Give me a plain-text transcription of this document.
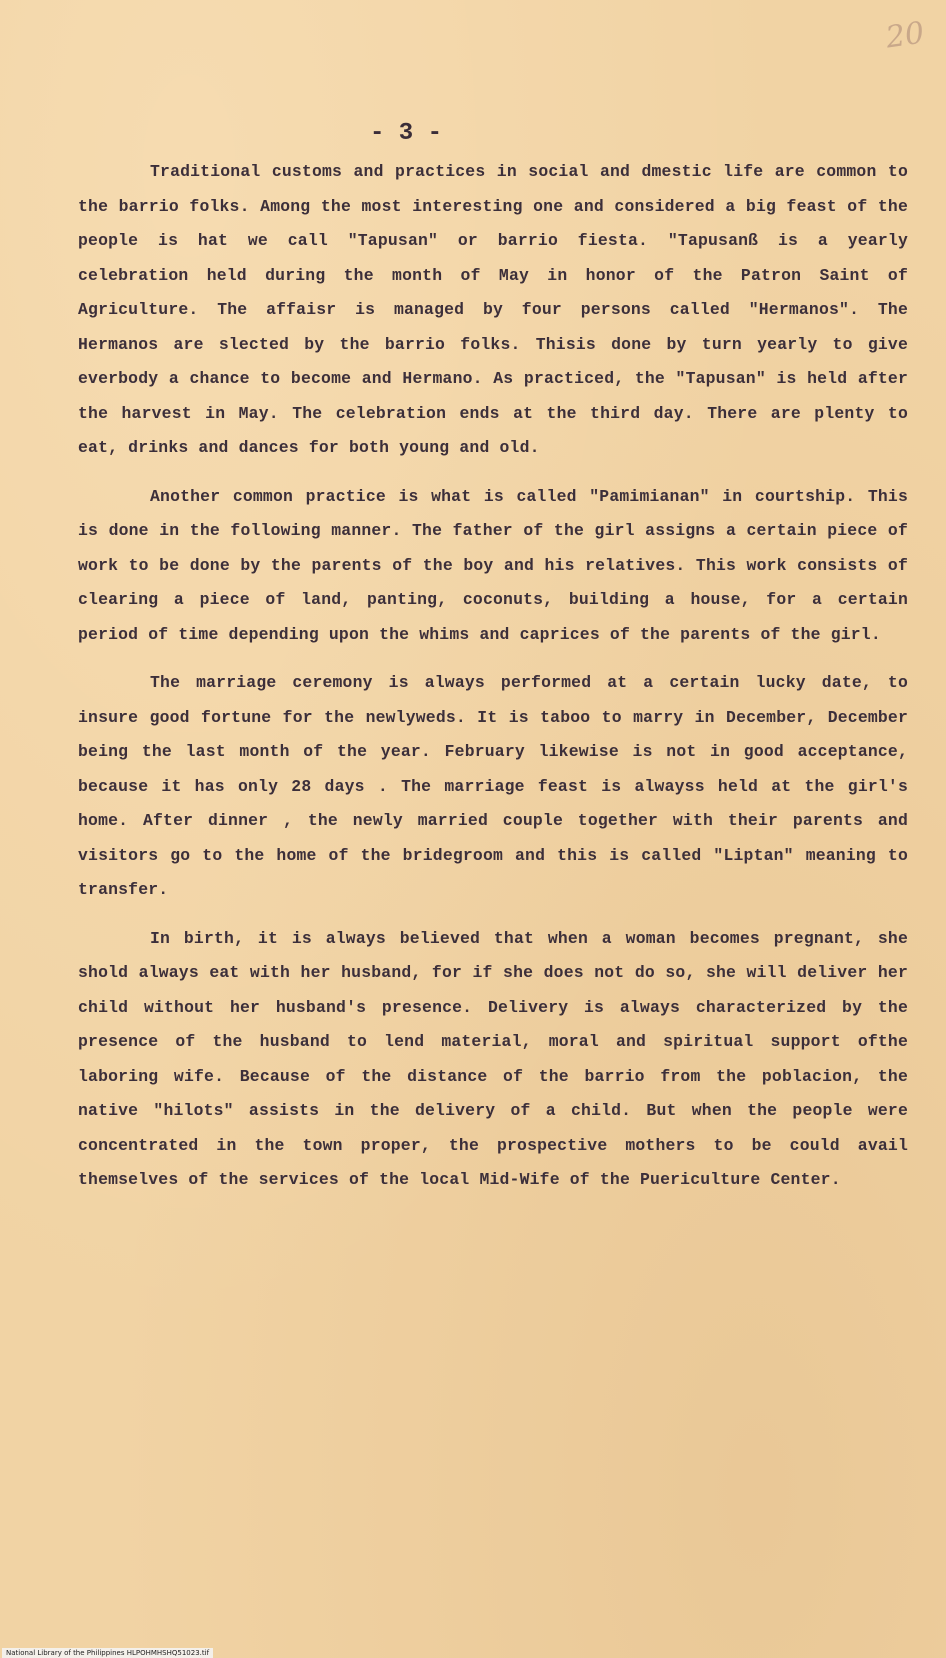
20
- 3 -

Traditional customs and practices in social and dmestic life are common to the barrio folks. Among the most interesting one and considered a big feast of the people is hat we call "Tapusan" or barrio fiesta. "Tapusanß is a yearly celebration held during the month of May in honor of the Patron Saint of Agriculture. The affaisr is managed by four persons called "Hermanos". The Hermanos are slected by the barrio folks. Thisis done by turn yearly to give everbody a chance to become and Hermano. As practiced, the "Tapusan" is held after the harvest in May. The celebration ends at the third day. There are plenty to eat, drinks and dances for both young and old.

Another common practice is what is called "Pamimianan" in courtship. This is done in the following manner. The father of the girl assigns a certain piece of work to be done by the parents of the boy and his relatives. This work consists of clearing a piece of land, panting, coconuts, building a house, for a certain period of time depending upon the whims and caprices of the parents of the girl.

The marriage ceremony is always performed at a certain lucky date, to insure good fortune for the newlyweds. It is taboo to marry in December, December being the last month of the year. February likewise is not in good acceptance, because it has only 28 days . The marriage feast is alwayss held at the girl's home. After dinner , the newly married couple together with their parents and visitors go to the home of the bridegroom and this is called "Liptan" meaning to transfer.

In birth, it is always believed that when a woman becomes pregnant, she shold always eat with her husband, for if she does not do so, she will deliver her child without her husband's presence. Delivery is always characterized by the presence of the husband to lend material, moral and spiritual support ofthe laboring wife. Because of the distance of the barrio from the poblacion, the native "hilots" assists in the delivery of a child. But when the people were concentrated in the town proper, the prospective mothers to be could avail themselves of the services of the local Mid-Wife of the Puericulture Center.

National Library of the Philippines HLPOHMHSHQ51023.tif
